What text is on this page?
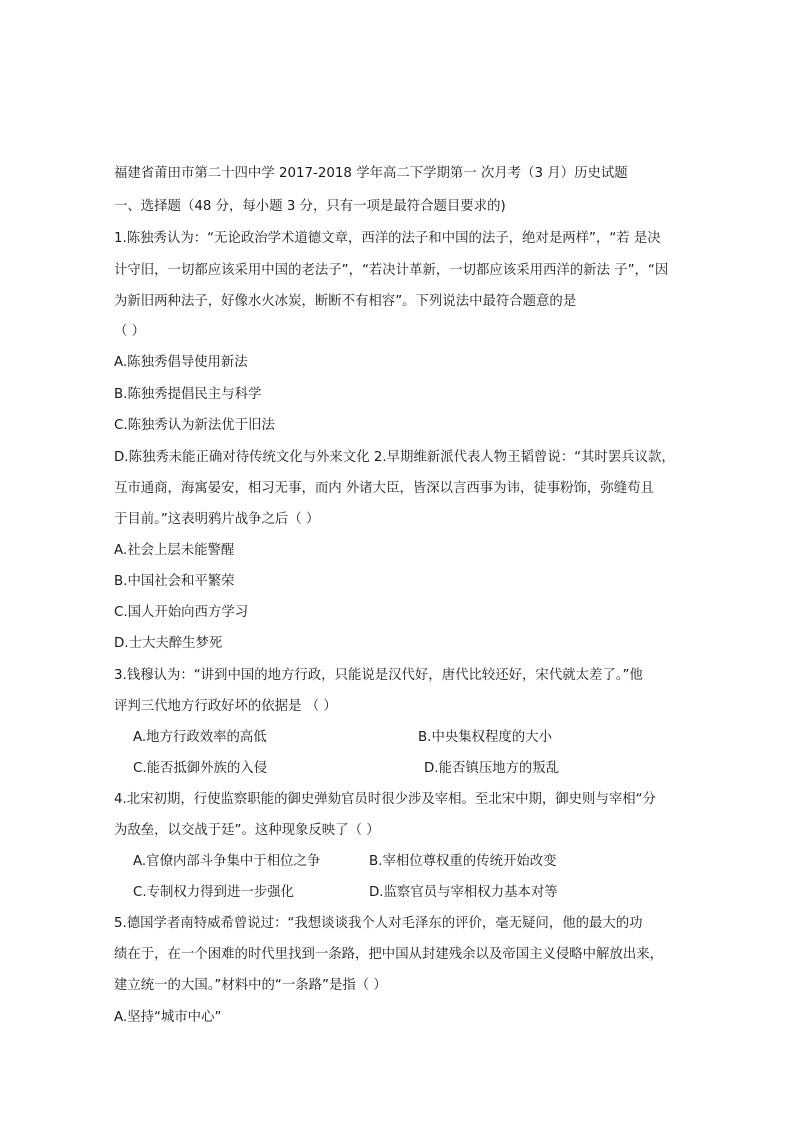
福建省莆田市第二十四中学 2017-2018 学年高二下学期第一 次月考（3 月）历史试题
一、选择题（48 分，每小题 3 分，只有一项是最符合题目要求的)
1.陈独秀认为：“无论政治学术道德文章，西洋的法子和中国的法子，绝对是两样”，“若 是决
计守旧，一切都应该采用中国的老法子”，“若决计革新，一切都应该采用西洋的新法 子”，“因
为新旧两种法子，好像水火冰炭，断断不有相容”。下列说法中最符合题意的是
（ ）
A.陈独秀倡导使用新法
B.陈独秀提倡民主与科学
C.陈独秀认为新法优于旧法
D.陈独秀未能正确对待传统文化与外来文化 2.早期维新派代表人物王韬曾说：“其时罢兵议款，
互市通商，海寓晏安，相习无事，而内 外诸大臣，皆深以言西事为讳，徒事粉饰，弥缝苟且
于目前。”这表明鸦片战争之后（ ）
A.社会上层未能警醒
B.中国社会和平繁荣
C.国人开始向西方学习
D.士大夫醉生梦死
3.钱穆认为：“讲到中国的地方行政，只能说是汉代好，唐代比较还好，宋代就太差了。”他
评判三代地方行政好坏的依据是 （ ）
A.地方行政效率的高低	B.中央集权程度的大小
C.能否抵御外族的入侵	D.能否镇压地方的叛乱
4.北宋初期，行使监察职能的御史弹劾官员时很少涉及宰相。至北宋中期，御史则与宰相“分
为敌垒，以交战于廷”。这种现象反映了（ ）
A.官僚内部斗争集中于相位之争	B.宰相位尊权重的传统开始改变
C.专制权力得到进一步强化	D.监察官员与宰相权力基本对等
5.德国学者南特威希曾说过：“我想谈谈我个人对毛泽东的评价，毫无疑问，他的最大的功
绩在于，在一个困难的时代里找到一条路，把中国从封建残余以及帝国主义侵略中解放出来，
建立统一的大国。”材料中的“一条路”是指（ ）
A.坚持“城市中心”
